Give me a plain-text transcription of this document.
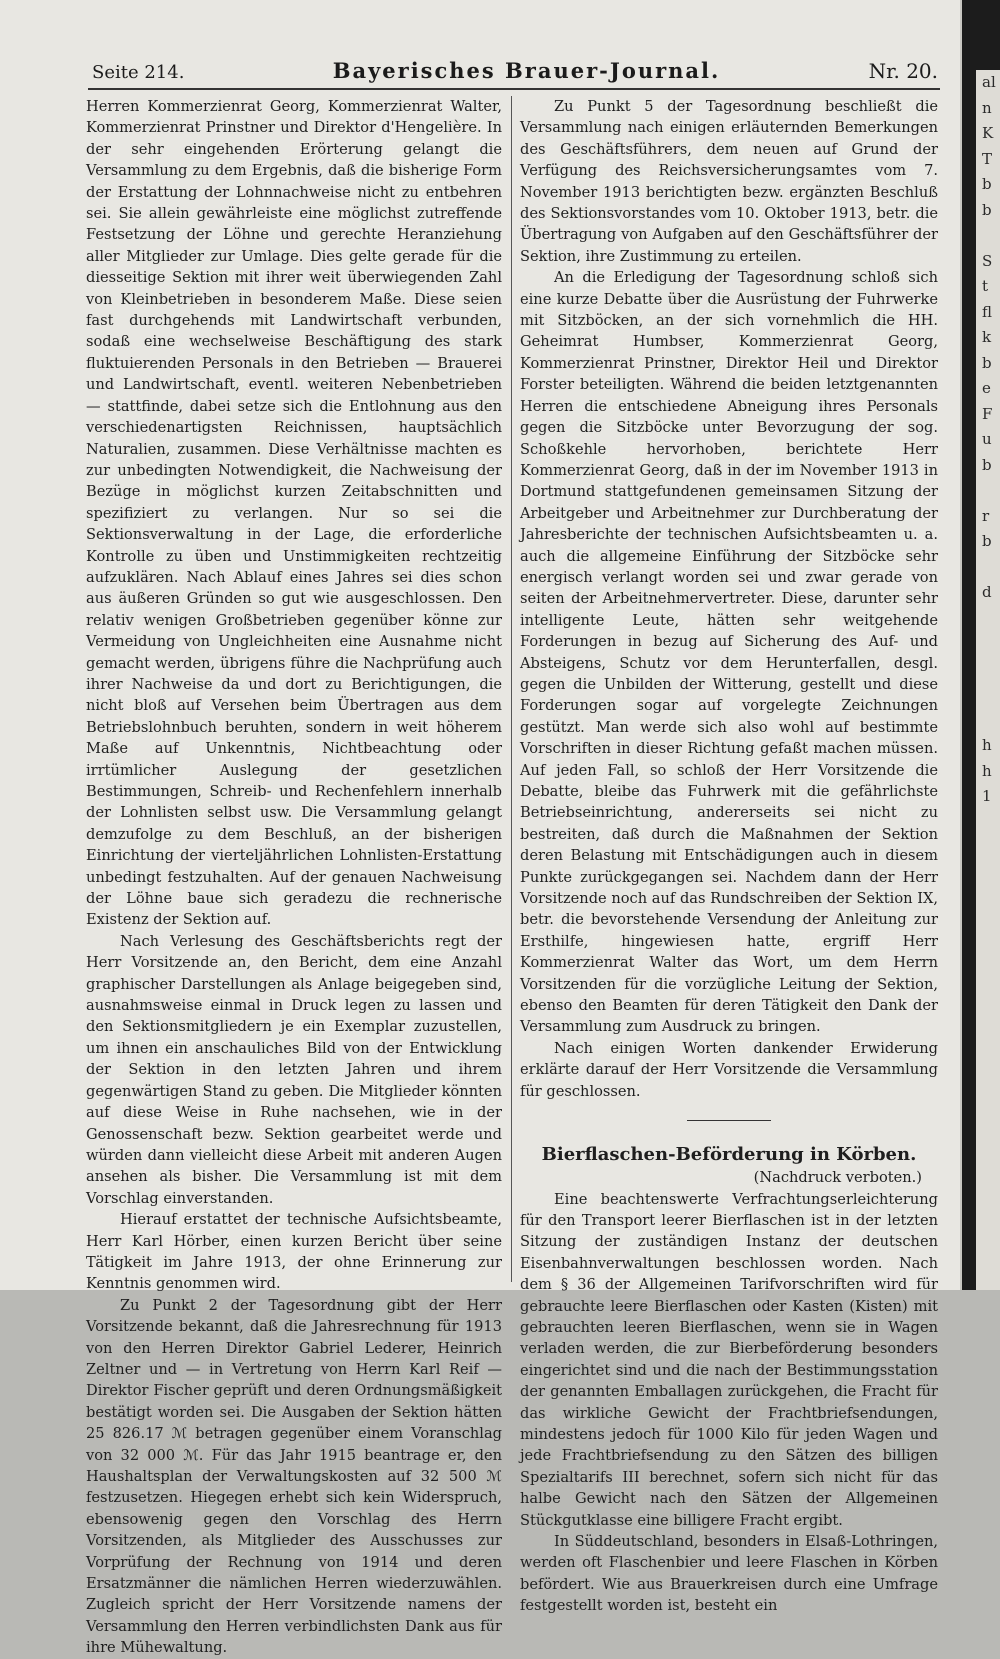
al
n
K
T
b
b
S
t
fl
k
b
e
F
u
b
r
b
d
h
h
1
Seite 214.	Bayerisches Brauer-Journal.	Nr. 20.

Herren Kommerzienrat Georg, Kommerzienrat Walter, Kommerzienrat Prinstner und Direktor d'Hengelière. In der sehr eingehenden Erörterung gelangt die Versammlung zu dem Ergebnis, daß die bisherige Form der Erstattung der Lohnnachweise nicht zu entbehren sei. Sie allein gewährleiste eine möglichst zutreffende Festsetzung der Löhne und gerechte Heranziehung aller Mitglieder zur Umlage. Dies gelte gerade für die diesseitige Sektion mit ihrer weit überwiegenden Zahl von Kleinbetrieben in besonderem Maße. Diese seien fast durchgehends mit Landwirtschaft verbunden, sodaß eine wechselweise Beschäftigung des stark fluktuierenden Personals in den Betrieben — Brauerei und Landwirtschaft, eventl. weiteren Nebenbetrieben — stattfinde, dabei setze sich die Entlohnung aus den verschiedenartigsten Reichnissen, hauptsächlich Naturalien, zusammen. Diese Verhältnisse machten es zur unbedingten Notwendigkeit, die Nachweisung der Bezüge in möglichst kurzen Zeitabschnitten und spezifiziert zu verlangen. Nur so sei die Sektionsverwaltung in der Lage, die erforderliche Kontrolle zu üben und Unstimmigkeiten rechtzeitig aufzuklären. Nach Ablauf eines Jahres sei dies schon aus äußeren Gründen so gut wie ausgeschlossen. Den relativ wenigen Großbetrieben gegenüber könne zur Vermeidung von Ungleichheiten eine Ausnahme nicht gemacht werden, übrigens führe die Nachprüfung auch ihrer Nachweise da und dort zu Berichtigungen, die nicht bloß auf Versehen beim Übertragen aus dem Betriebslohnbuch beruhten, sondern in weit höherem Maße auf Unkenntnis, Nichtbeachtung oder irrtümlicher Auslegung der gesetzlichen Bestimmungen, Schreib- und Rechenfehlern innerhalb der Lohnlisten selbst usw. Die Versammlung gelangt demzufolge zu dem Beschluß, an der bisherigen Einrichtung der vierteljährlichen Lohnlisten-Erstattung unbedingt festzuhalten. Auf der genauen Nachweisung der Löhne baue sich geradezu die rechnerische Existenz der Sektion auf.

Nach Verlesung des Geschäftsberichts regt der Herr Vorsitzende an, den Bericht, dem eine Anzahl graphischer Darstellungen als Anlage beigegeben sind, ausnahmsweise einmal in Druck legen zu lassen und den Sektionsmitgliedern je ein Exemplar zuzustellen, um ihnen ein anschauliches Bild von der Entwicklung der Sektion in den letzten Jahren und ihrem gegenwärtigen Stand zu geben. Die Mitglieder könnten auf diese Weise in Ruhe nachsehen, wie in der Genossenschaft bezw. Sektion gearbeitet werde und würden dann vielleicht diese Arbeit mit anderen Augen ansehen als bisher. Die Versammlung ist mit dem Vorschlag einverstanden.

Hierauf erstattet der technische Aufsichtsbeamte, Herr Karl Hörber, einen kurzen Bericht über seine Tätigkeit im Jahre 1913, der ohne Erinnerung zur Kenntnis genommen wird.

Zu Punkt 2 der Tagesordnung gibt der Herr Vorsitzende bekannt, daß die Jahresrechnung für 1913 von den Herren Direktor Gabriel Lederer, Heinrich Zeltner und — in Vertretung von Herrn Karl Reif — Direktor Fischer geprüft und deren Ordnungsmäßigkeit bestätigt worden sei. Die Ausgaben der Sektion hätten 25 826.17 ℳ betragen gegenüber einem Voranschlag von 32 000 ℳ. Für das Jahr 1915 beantrage er, den Haushaltsplan der Verwaltungskosten auf 32 500 ℳ festzusetzen. Hiegegen erhebt sich kein Widerspruch, ebensowenig gegen den Vorschlag des Herrn Vorsitzenden, als Mitglieder des Ausschusses zur Vorprüfung der Rechnung von 1914 und deren Ersatzmänner die nämlichen Herren wiederzuwählen. Zugleich spricht der Herr Vorsitzende namens der Versammlung den Herren verbindlichsten Dank aus für ihre Mühewaltung.

Zu Punkt 5 der Tagesordnung beschließt die Versammlung nach einigen erläuternden Bemerkungen des Geschäftsführers, dem neuen auf Grund der Verfügung des Reichsversicherungsamtes vom 7. November 1913 berichtigten bezw. ergänzten Beschluß des Sektionsvorstandes vom 10. Oktober 1913, betr. die Übertragung von Aufgaben auf den Geschäftsführer der Sektion, ihre Zustimmung zu erteilen.

An die Erledigung der Tagesordnung schloß sich eine kurze Debatte über die Ausrüstung der Fuhrwerke mit Sitzböcken, an der sich vornehmlich die HH. Geheimrat Humbser, Kommerzienrat Georg, Kommerzienrat Prinstner, Direktor Heil und Direktor Forster beteiligten. Während die beiden letztgenannten Herren die entschiedene Abneigung ihres Personals gegen die Sitzböcke unter Bevorzugung der sog. Schoßkehle hervorhoben, berichtete Herr Kommerzienrat Georg, daß in der im November 1913 in Dortmund stattgefundenen gemeinsamen Sitzung der Arbeitgeber und Arbeitnehmer zur Durchberatung der Jahresberichte der technischen Aufsichtsbeamten u. a. auch die allgemeine Einführung der Sitzböcke sehr energisch verlangt worden sei und zwar gerade von seiten der Arbeitnehmervertreter. Diese, darunter sehr intelligente Leute, hätten sehr weitgehende Forderungen in bezug auf Sicherung des Auf- und Absteigens, Schutz vor dem Herunterfallen, desgl. gegen die Unbilden der Witterung, gestellt und diese Forderungen sogar auf vorgelegte Zeichnungen gestützt. Man werde sich also wohl auf bestimmte Vorschriften in dieser Richtung gefaßt machen müssen. Auf jeden Fall, so schloß der Herr Vorsitzende die Debatte, bleibe das Fuhrwerk mit die gefährlichste Betriebseinrichtung, andererseits sei nicht zu bestreiten, daß durch die Maßnahmen der Sektion deren Belastung mit Entschädigungen auch in diesem Punkte zurückgegangen sei. Nachdem dann der Herr Vorsitzende noch auf das Rundschreiben der Sektion IX, betr. die bevorstehende Versendung der Anleitung zur Ersthilfe, hingewiesen hatte, ergriff Herr Kommerzienrat Walter das Wort, um dem Herrn Vorsitzenden für die vorzügliche Leitung der Sektion, ebenso den Beamten für deren Tätigkeit den Dank der Versammlung zum Ausdruck zu bringen.

Nach einigen Worten dankender Erwiderung erklärte darauf der Herr Vorsitzende die Versammlung für geschlossen.

Bierflaschen-Beförderung in Körben.
(Nachdruck verboten.)

Eine beachtenswerte Verfrachtungserleichterung für den Transport leerer Bierflaschen ist in der letzten Sitzung der zuständigen Instanz der deutschen Eisenbahnverwaltungen beschlossen worden. Nach dem § 36 der Allgemeinen Tarifvorschriften wird für gebrauchte leere Bierflaschen oder Kasten (Kisten) mit gebrauchten leeren Bierflaschen, wenn sie in Wagen verladen werden, die zur Bierbeförderung besonders eingerichtet sind und die nach der Bestimmungsstation der genannten Emballagen zurückgehen, die Fracht für das wirkliche Gewicht der Frachtbriefsendungen, mindestens jedoch für 1000 Kilo für jeden Wagen und jede Frachtbriefsendung zu den Sätzen des billigen Spezialtarifs III berechnet, sofern sich nicht für das halbe Gewicht nach den Sätzen der Allgemeinen Stückgutklasse eine billigere Fracht ergibt.

In Süddeutschland, besonders in Elsaß-Lothringen, werden oft Flaschenbier und leere Flaschen in Körben befördert. Wie aus Brauerkreisen durch eine Umfrage festgestellt worden ist, besteht ein
